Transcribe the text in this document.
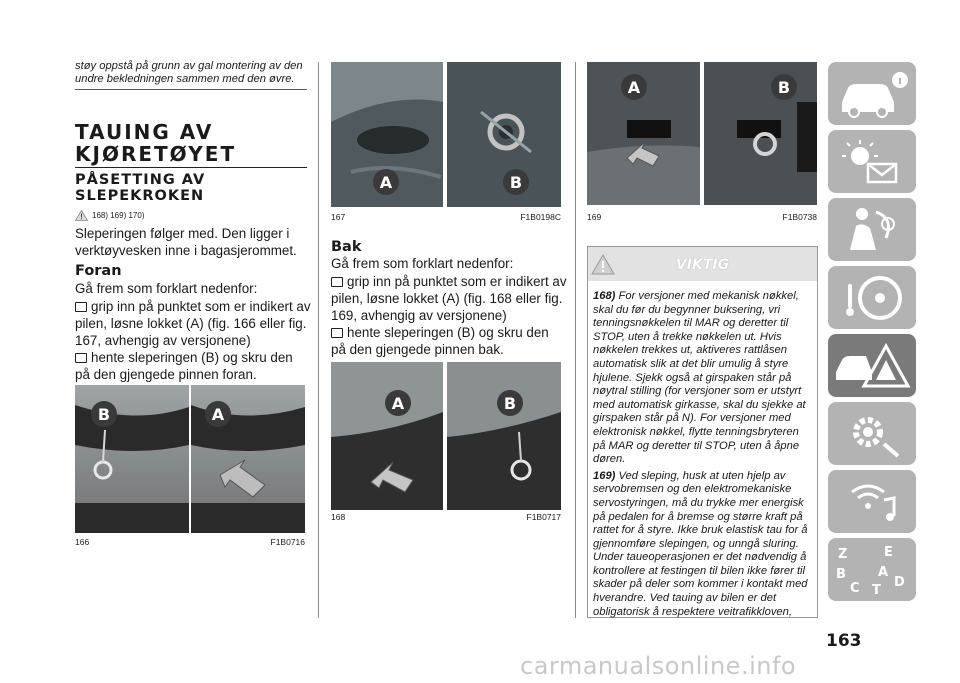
støy oppstå på grunn av gal montering av den undre bekledningen sammen med den øvre.
TAUING AV KJØRETØYET
PÅSETTING AV SLEPEKROKEN
168) 169) 170)
Sleperingen følger med. Den ligger i verktøyvesken inne i bagasjerommet.
Foran
Gå frem som forklart nedenfor:
grip inn på punktet som er indikert av pilen, løsne lokket (A) (fig. 166 eller fig. 167, avhengig av versjonene)
hente sleperingen (B) og skru den på den gjengede pinnen foran.
B	A
166	F1B0716
A	B
167	F1B0198C
Bak
Gå frem som forklart nedenfor:
grip inn på punktet som er indikert av pilen, løsne lokket (A) (fig. 168 eller fig. 169, avhengig av versjonene)
hente sleperingen (B) og skru den på den gjengede pinnen bak.
A	B
168	F1B0717
A	B
169	F1B0738
VIKTIG

168) For versjoner med mekanisk nøkkel, skal du før du begynner buksering, vri tenningsnøkkelen til MAR og deretter til STOP, uten å trekke nøkkelen ut. Hvis nøkkelen trekkes ut, aktiveres rattlåsen automatisk slik at det blir umulig å styre hjulene. Sjekk også at girspaken står på nøytral stilling (for versjoner som er utstyrt med automatisk girkasse, skal du sjekke at girspaken står på N). For versjoner med elektronisk nøkkel, flytte tenningsbryteren på MAR og deretter til STOP, uten å åpne døren.

169) Ved sleping, husk at uten hjelp av servobremsen og den elektromekaniske servostyringen, må du trykke mer energisk på pedalen for å bremse og større kraft på rattet for å styre. Ikke bruk elastisk tau for å gjennomføre slepingen, og unngå sluring. Under taueoperasjonen er det nødvendig å kontrollere at festingen til bilen ikke fører til skader på deler som kommer i kontakt med hverandre. Ved tauing av bilen er det obligatorisk å respektere veitrafikkloven,

Z	E
B A
C T
D
163
carmanualsonline.info
